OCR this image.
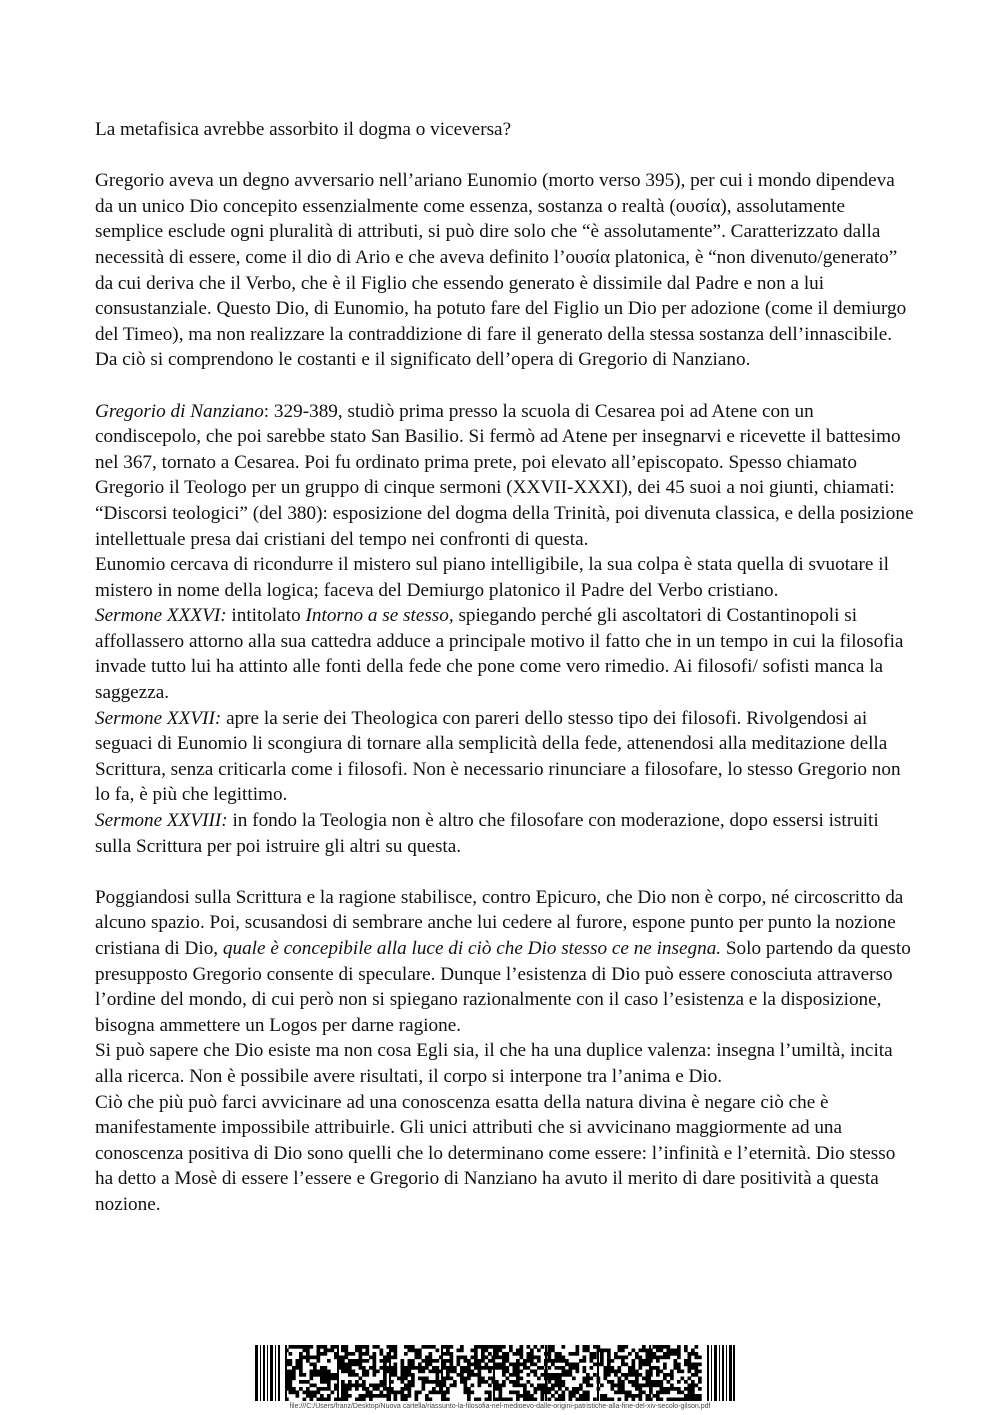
La metafisica avrebbe assorbito il dogma o viceversa?

Gregorio aveva un degno avversario nell’ariano Eunomio (morto verso 395), per cui i mondo dipendeva da un unico Dio concepito essenzialmente come essenza, sostanza o realtà (ουσία), assolutamente semplice esclude ogni pluralità di attributi, si può dire solo che “è assolutamente”. Caratterizzato dalla necessità di essere, come il dio di Ario e che aveva definito l’ουσία platonica, è “non divenuto/generato” da cui deriva che il Verbo, che è il Figlio che essendo generato è dissimile dal Padre e non a lui consustanziale. Questo Dio, di Eunomio, ha potuto fare del Figlio un Dio per adozione (come il demiurgo del Timeo), ma non realizzare la contraddizione di fare il generato della stessa sostanza dell’innascibile. Da ciò si comprendono le costanti e il significato dell’opera di Gregorio di Nanziano.

Gregorio di Nanziano: 329-389, studiò prima presso la scuola di Cesarea poi ad Atene con un condiscepolo, che poi sarebbe stato San Basilio. Si fermò ad Atene per insegnarvi e ricevette il battesimo nel 367, tornato a Cesarea. Poi fu ordinato prima prete, poi elevato all’episcopato. Spesso chiamato Gregorio il Teologo per un gruppo di cinque sermoni (XXVII-XXXI), dei 45 suoi a noi giunti, chiamati:

“Discorsi teologici” (del 380): esposizione del dogma della Trinità, poi divenuta classica, e della posizione intellettuale presa dai cristiani del tempo nei confronti di questa.

Eunomio cercava di ricondurre il mistero sul piano intelligibile, la sua colpa è stata quella di svuotare il mistero in nome della logica; faceva del Demiurgo platonico il Padre del Verbo cristiano.

Sermone XXXVI: intitolato Intorno a se stesso, spiegando perché gli ascoltatori di Costantinopoli si affollassero attorno alla sua cattedra adduce a principale motivo il fatto che in un tempo in cui la filosofia invade tutto lui ha attinto alle fonti della fede che pone come vero rimedio. Ai filosofi/ sofisti manca la saggezza.

Sermone XXVII: apre la serie dei Theologica con pareri dello stesso tipo dei filosofi. Rivolgendosi ai seguaci di Eunomio li scongiura di tornare alla semplicità della fede, attenendosi alla meditazione della Scrittura, senza criticarla come i filosofi. Non è necessario rinunciare a filosofare, lo stesso Gregorio non lo fa, è più che legittimo.

Sermone XXVIII: in fondo la Teologia non è altro che filosofare con moderazione, dopo essersi istruiti sulla Scrittura per poi istruire gli altri su questa.

Poggiandosi sulla Scrittura e la ragione stabilisce, contro Epicuro, che Dio non è corpo, né circoscritto da alcuno spazio. Poi, scusandosi di sembrare anche lui cedere al furore, espone punto per punto la nozione cristiana di Dio, quale è concepibile alla luce di ciò che Dio stesso ce ne insegna. Solo partendo da questo presupposto Gregorio consente di speculare. Dunque l’esistenza di Dio può essere conosciuta attraverso l’ordine del mondo, di cui però non si spiegano razionalmente con il caso l’esistenza e la disposizione, bisogna ammettere un Logos per darne ragione.

Si può sapere che Dio esiste ma non cosa Egli sia, il che ha una duplice valenza: insegna l’umiltà, incita alla ricerca. Non è possibile avere risultati, il corpo si interpone tra l’anima e Dio.

Ciò che più può farci avvicinare ad una conoscenza esatta della natura divina è negare ciò che è manifestamente impossibile attribuirle. Gli unici attributi che si avvicinano maggiormente ad una conoscenza positiva di Dio sono quelli che lo determinano come essere: l’infinità e l’eternità. Dio stesso ha detto a Mosè di essere l’essere e Gregorio di Nanziano ha avuto il merito di dare positività a questa nozione.

file:///C:/Users/franz/Desktop/Nuova cartella/riassunto-la-filosofia-nel-medioevo-dalle-origini-patristiche-alla-fine-del-xiv-secolo-gilson.pdf
